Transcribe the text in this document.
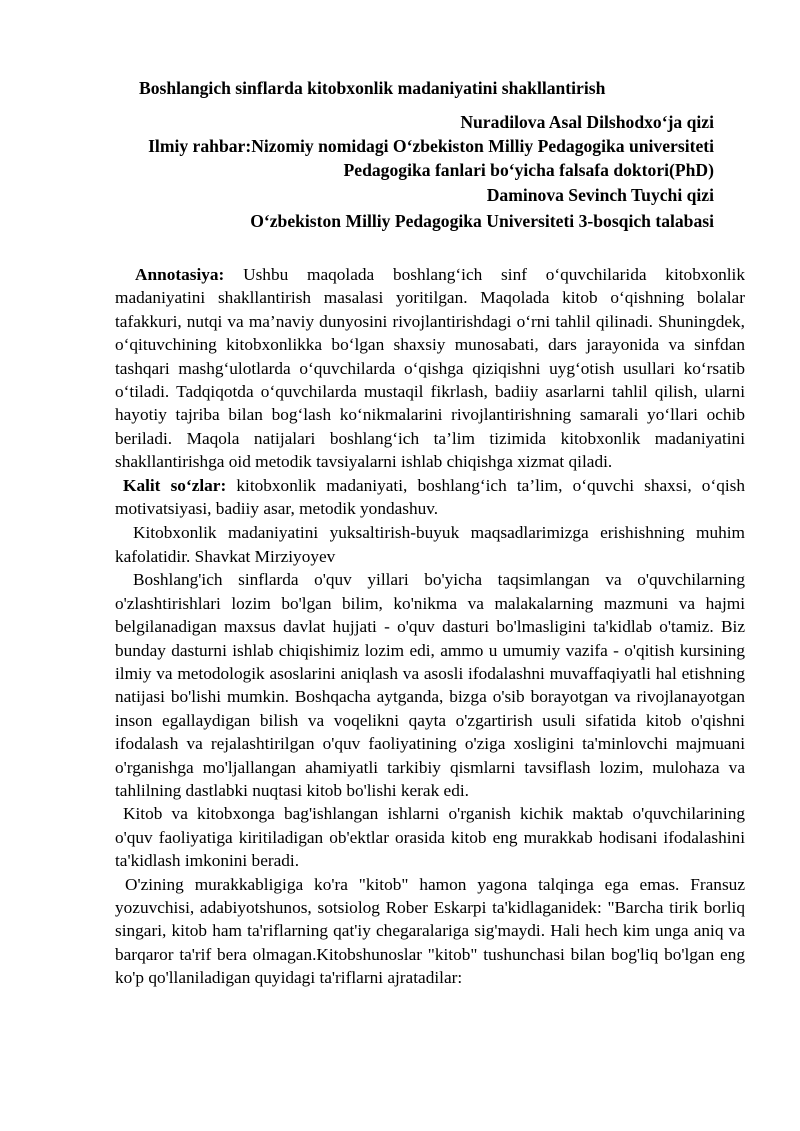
Boshlangich sinflarda kitobxonlik madaniyatini shakllantirish
Nuradilova Asal Dilshodxo‘ja qizi
Ilmiy rahbar:Nizomiy nomidagi O‘zbekiston Milliy Pedagogika universiteti
Pedagogika fanlari bo‘yicha falsafa doktori(PhD)
Daminova Sevinch Tuychi qizi
O‘zbekiston Milliy Pedagogika Universiteti 3-bosqich talabasi

Annotasiya: Ushbu maqolada boshlang‘ich sinf o‘quvchilarida kitobxonlik madaniyatini shakllantirish masalasi yoritilgan. Maqolada kitob o‘qishning bolalar tafakkuri, nutqi va ma’naviy dunyosini rivojlantirishdagi o‘rni tahlil qilinadi. Shuningdek, o‘qituvchining kitobxonlikka bo‘lgan shaxsiy munosabati, dars jarayonida va sinfdan tashqari mashg‘ulotlarda o‘quvchilarda o‘qishga qiziqishni uyg‘otish usullari ko‘rsatib o‘tiladi. Tadqiqotda o‘quvchilarda mustaqil fikrlash, badiiy asarlarni tahlil qilish, ularni hayotiy tajriba bilan bog‘lash ko‘nikmalarini rivojlantirishning samarali yo‘llari ochib beriladi. Maqola natijalari boshlang‘ich ta’lim tizimida kitobxonlik madaniyatini shakllantirishga oid metodik tavsiyalarni ishlab chiqishga xizmat qiladi.

Kalit so‘zlar: kitobxonlik madaniyati, boshlang‘ich ta’lim, o‘quvchi shaxsi, o‘qish motivatsiyasi, badiiy asar, metodik yondashuv.

Kitobxonlik madaniyatini yuksaltirish-buyuk maqsadlarimizga erishishning muhim kafolatidir. Shavkat Mirziyoyev

Boshlang'ich sinflarda o'quv yillari bo'yicha taqsimlangan va o'quvchilarning o'zlashtirishlari lozim bo'lgan bilim, ko'nikma va malakalarning mazmuni va hajmi belgilanadigan maxsus davlat hujjati - o'quv dasturi bo'lmasligini ta'kidlab o'tamiz. Biz bunday dasturni ishlab chiqishimiz lozim edi, ammo u umumiy vazifa - o'qitish kursining ilmiy va metodologik asoslarini aniqlash va asosli ifodalashni muvaffaqiyatli hal etishning natijasi bo'lishi mumkin. Boshqacha aytganda, bizga o'sib borayotgan va rivojlanayotgan inson egallaydigan bilish va voqelikni qayta o'zgartirish usuli sifatida kitob o'qishni ifodalash va rejalashtirilgan o'quv faoliyatining o'ziga xosligini ta'minlovchi majmuani o'rganishga mo'ljallangan ahamiyatli tarkibiy qismlarni tavsiflash lozim, mulohaza va tahlilning dastlabki nuqtasi kitob bo'lishi kerak edi.

Kitob va kitobxonga bag'ishlangan ishlarni o'rganish kichik maktab o'quvchilarining o'quv faoliyatiga kiritiladigan ob'ektlar orasida kitob eng murakkab hodisani ifodalashini ta'kidlash imkonini beradi.

O'zining murakkabligiga ko'ra "kitob" hamon yagona talqinga ega emas. Fransuz yozuvchisi, adabiyotshunos, sotsiolog Rober Eskarpi ta'kidlaganidek: "Barcha tirik borliq singari, kitob ham ta'riflarning qat'iy chegaralariga sig'maydi. Hali hech kim unga aniq va barqaror ta'rif bera olmagan.Kitobshunoslar "kitob" tushunchasi bilan bog'liq bo'lgan eng ko'p qo'llaniladigan quyidagi ta'riflarni ajratadilar:
